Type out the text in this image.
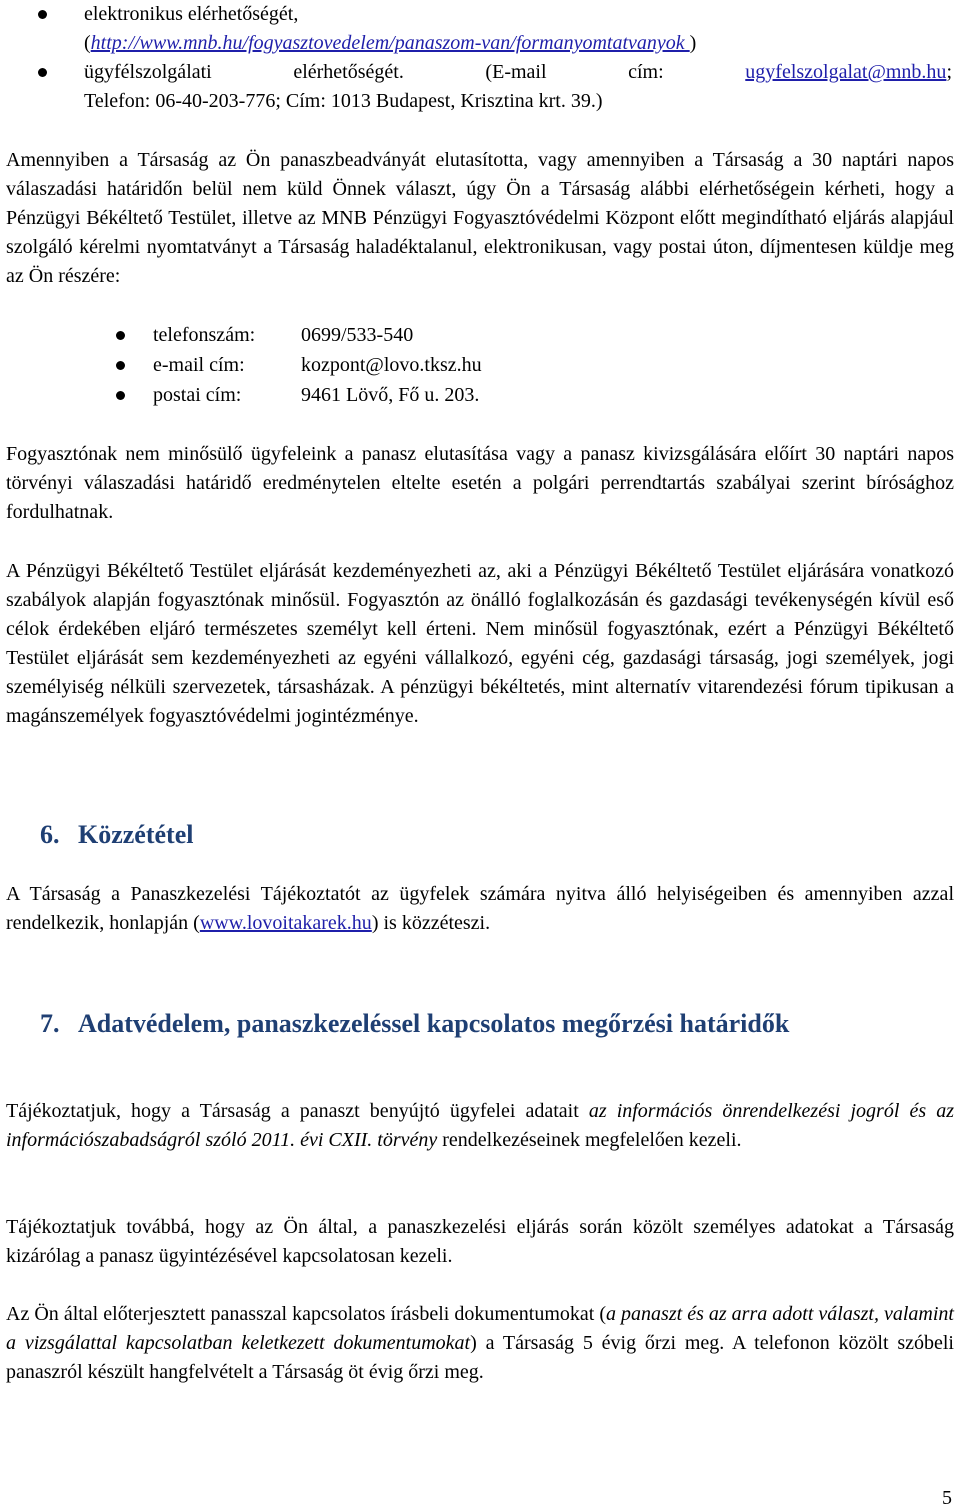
elektronikus elérhetőségét,

(http://www.mnb.hu/fogyasztovedelem/panaszom-van/formanyomtatvanyok )

ügyfélszolgálati elérhetőségét. (E-mail cím: ugyfelszolgalat@mnb.hu;

Telefon: 06-40-203-776; Cím: 1013 Budapest, Krisztina krt. 39.)

Amennyiben a Társaság az Ön panaszbeadványát elutasította, vagy amennyiben a Társaság a 30 naptári napos válaszadási határidőn belül nem küld Önnek választ, úgy Ön a Társaság alábbi elérhetőségein kérheti, hogy a Pénzügyi Békéltető Testület, illetve az MNB Pénzügyi Fogyasztóvédelmi Központ előtt megindítható eljárás alapjául szolgáló kérelmi nyomtatványt a Társaság haladéktalanul, elektronikusan, vagy postai úton, díjmentesen küldje meg az Ön részére:

telefonszám:	0699/533-540
e-mail cím:	kozpont@lovo.tksz.hu
postai cím:	9461 Lövő, Fő u. 203.

Fogyasztónak nem minősülő ügyfeleink a panasz elutasítása vagy a panasz kivizsgálására előírt 30 naptári napos törvényi válaszadási határidő eredménytelen eltelte esetén a polgári perrendtartás szabályai szerint bírósághoz fordulhatnak.

A Pénzügyi Békéltető Testület eljárását kezdeményezheti az, aki a Pénzügyi Békéltető Testület eljárására vonatkozó szabályok alapján fogyasztónak minősül. Fogyasztón az önálló foglalkozásán és gazdasági tevékenységén kívül eső célok érdekében eljáró természetes személyt kell érteni. Nem minősül fogyasztónak, ezért a Pénzügyi Békéltető Testület eljárását sem kezdeményezheti az egyéni vállalkozó, egyéni cég, gazdasági társaság, jogi személyek, jogi személyiség nélküli szervezetek, társasházak. A pénzügyi békéltetés, mint alternatív vitarendezési fórum tipikusan a magánszemélyek fogyasztóvédelmi jogintézménye.

6. Közzététel

A Társaság a Panaszkezelési Tájékoztatót az ügyfelek számára nyitva álló helyiségeiben és amennyiben azzal rendelkezik, honlapján (www.lovoitakarek.hu) is közzéteszi.

7. Adatvédelem, panaszkezeléssel kapcsolatos megőrzési határidők

Tájékoztatjuk, hogy a Társaság a panaszt benyújtó ügyfelei adatait az információs önrendelkezési jogról és az információszabadságról szóló 2011. évi CXII. törvény rendelkezéseinek megfelelően kezeli.

Tájékoztatjuk továbbá, hogy az Ön által, a panaszkezelési eljárás során közölt személyes adatokat a Társaság kizárólag a panasz ügyintézésével kapcsolatosan kezeli.

Az Ön által előterjesztett panasszal kapcsolatos írásbeli dokumentumokat (a panaszt és az arra adott választ, valamint a vizsgálattal kapcsolatban keletkezett dokumentumokat) a Társaság 5 évig őrzi meg. A telefonon közölt szóbeli panaszról készült hangfelvételt a Társaság öt évig őrzi meg.

5
